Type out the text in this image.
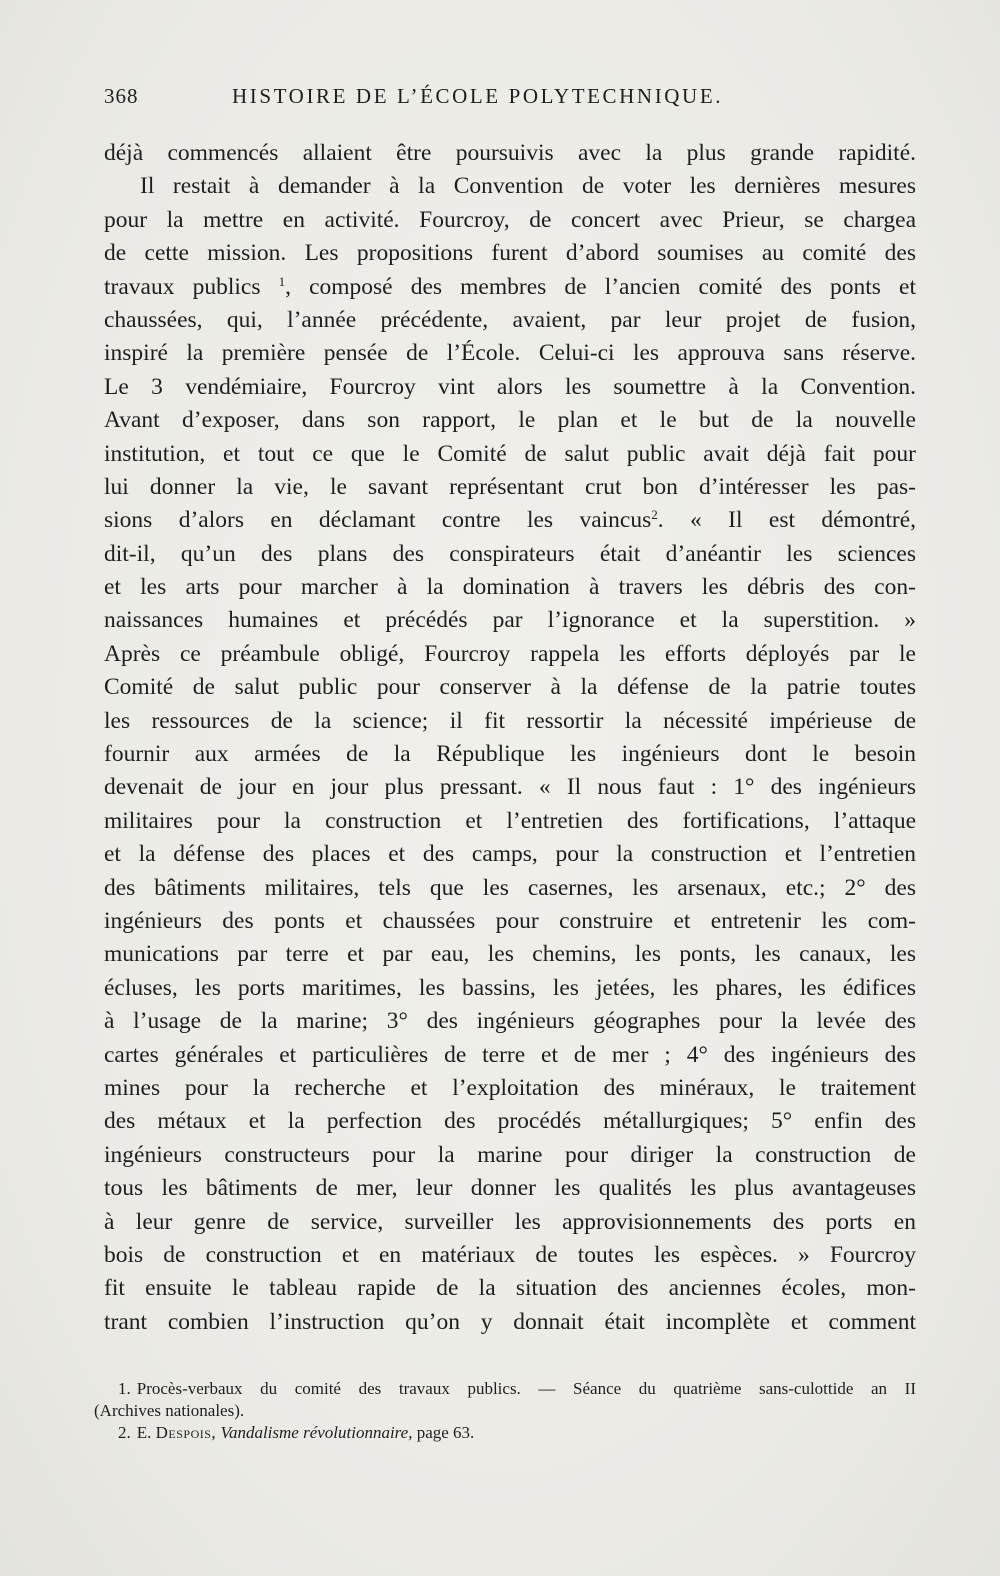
368	HISTOIRE DE L’ÉCOLE POLYTECHNIQUE.
déjà commencés allaient être poursuivis avec la plus grande rapidité.
Il restait à demander à la Convention de voter les dernières mesures
pour la mettre en activité. Fourcroy, de concert avec Prieur, se chargea
de cette mission. Les propositions furent d’abord soumises au comité des
travaux publics $^1$, composé des membres de l’ancien comité des ponts et
chaussées, qui, l’année précédente, avaient, par leur projet de fusion,
inspiré la première pensée de l’École. Celui-ci les approuva sans réserve.
Le 3 vendémiaire, Fourcroy vint alors les soumettre à la Convention.
Avant d’exposer, dans son rapport, le plan et le but de la nouvelle
institution, et tout ce que le Comité de salut public avait déjà fait pour
lui donner la vie, le savant représentant crut bon d’intéresser les pas-
sions d’alors en déclamant contre les vaincus$^2$. « Il est démontré,
dit-il, qu’un des plans des conspirateurs était d’anéantir les sciences
et les arts pour marcher à la domination à travers les débris des con-
naissances humaines et précédés par l’ignorance et la superstition. »
Après ce préambule obligé, Fourcroy rappela les efforts déployés par le
Comité de salut public pour conserver à la défense de la patrie toutes
les ressources de la science; il fit ressortir la nécessité impérieuse de
fournir aux armées de la République les ingénieurs dont le besoin
devenait de jour en jour plus pressant. « Il nous faut : 1° des ingénieurs
militaires pour la construction et l’entretien des fortifications, l’attaque
et la défense des places et des camps, pour la construction et l’entretien
des bâtiments militaires, tels que les casernes, les arsenaux, etc.; 2° des
ingénieurs des ponts et chaussées pour construire et entretenir les com-
munications par terre et par eau, les chemins, les ponts, les canaux, les
écluses, les ports maritimes, les bassins, les jetées, les phares, les édifices
à l’usage de la marine; 3° des ingénieurs géographes pour la levée des
cartes générales et particulières de terre et de mer ; 4° des ingénieurs des
mines pour la recherche et l’exploitation des minéraux, le traitement
des métaux et la perfection des procédés métallurgiques; 5° enfin des
ingénieurs constructeurs pour la marine pour diriger la construction de
tous les bâtiments de mer, leur donner les qualités les plus avantageuses
à leur genre de service, surveiller les approvisionnements des ports en
bois de construction et en matériaux de toutes les espèces. » Fourcroy
fit ensuite le tableau rapide de la situation des anciennes écoles, mon-
trant combien l’instruction qu’on y donnait était incomplète et comment
1. Procès-verbaux du comité des travaux publics. — Séance du quatrième sans-culottide an II
(Archives nationales).
2. E. Despois, Vandalisme révolutionnaire, page 63.
